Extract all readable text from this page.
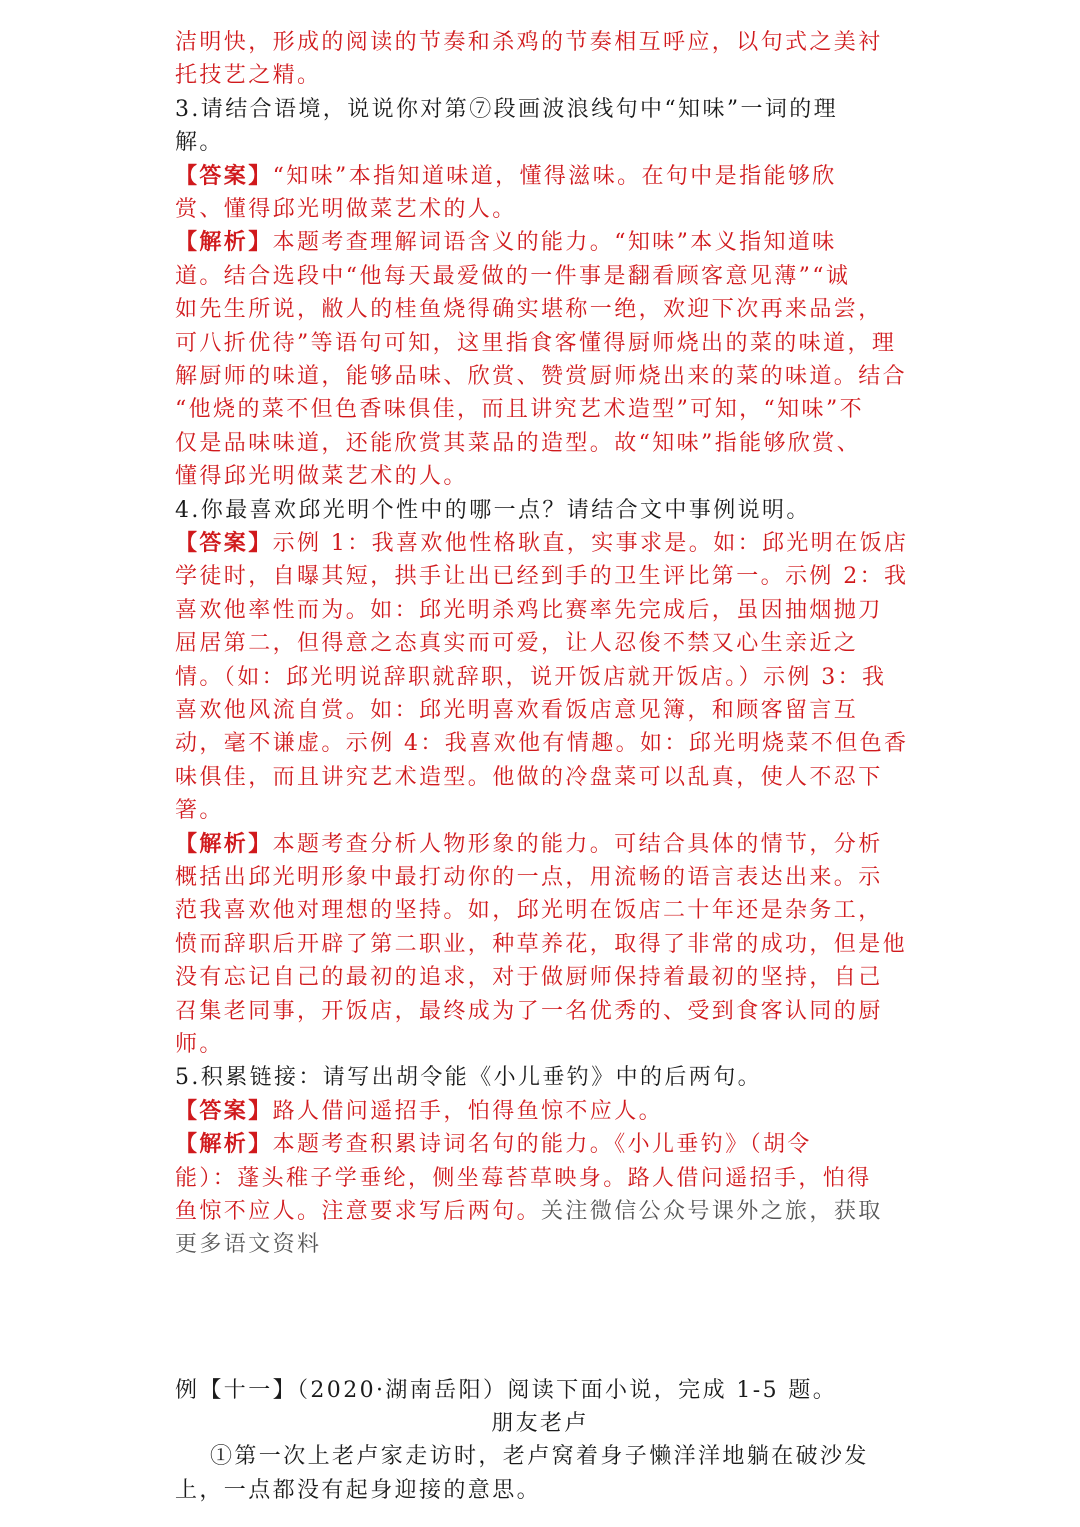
洁明快，形成的阅读的节奏和杀鸡的节奏相互呼应，以句式之美衬
托技艺之精。
3.请结合语境，说说你对第⑦段画波浪线句中“知味”一词的理
解。
【答案】“知味”本指知道味道，懂得滋味。在句中是指能够欣
赏、懂得邱光明做菜艺术的人。
【解析】本题考查理解词语含义的能力。“知味”本义指知道味
道。结合选段中“他每天最爱做的一件事是翻看顾客意见薄”“诚
如先生所说，敝人的桂鱼烧得确实堪称一绝，欢迎下次再来品尝，
可八折优待”等语句可知，这里指食客懂得厨师烧出的菜的味道，理
解厨师的味道，能够品味、欣赏、赞赏厨师烧出来的菜的味道。结合
“他烧的菜不但色香味俱佳，而且讲究艺术造型”可知，“知味”不
仅是品味味道，还能欣赏其菜品的造型。故“知味”指能够欣赏、
懂得邱光明做菜艺术的人。
4.你最喜欢邱光明个性中的哪一点？请结合文中事例说明。
【答案】示例 1：我喜欢他性格耿直，实事求是。如：邱光明在饭店
学徒时，自曝其短，拱手让出已经到手的卫生评比第一。示例 2：我
喜欢他率性而为。如：邱光明杀鸡比赛率先完成后，虽因抽烟抛刀
屈居第二，但得意之态真实而可爱，让人忍俊不禁又心生亲近之
情。（如：邱光明说辞职就辞职，说开饭店就开饭店。）示例 3：我
喜欢他风流自赏。如：邱光明喜欢看饭店意见簿，和顾客留言互
动，毫不谦虚。示例 4：我喜欢他有情趣。如：邱光明烧菜不但色香
味俱佳，而且讲究艺术造型。他做的冷盘菜可以乱真，使人不忍下
箸。
【解析】本题考查分析人物形象的能力。可结合具体的情节，分析
概括出邱光明形象中最打动你的一点，用流畅的语言表达出来。示
范我喜欢他对理想的坚持。如，邱光明在饭店二十年还是杂务工，
愤而辞职后开辟了第二职业，种草养花，取得了非常的成功，但是他
没有忘记自己的最初的追求，对于做厨师保持着最初的坚持，自己
召集老同事，开饭店，最终成为了一名优秀的、受到食客认同的厨
师。
5.积累链接：请写出胡令能《小儿垂钓》中的后两句。
【答案】路人借问遥招手，怕得鱼惊不应人。
【解析】本题考查积累诗词名句的能力。《小儿垂钓》（胡令
能）：蓬头稚子学垂纶，侧坐莓苔草映身。路人借问遥招手，怕得
鱼惊不应人。注意要求写后两句。关注微信公众号课外之旅，获取
更多语文资料
例【十一】（2020·湖南岳阳）阅读下面小说，完成 1-5 题。
朋友老卢
①第一次上老卢家走访时，老卢窝着身子懒洋洋地躺在破沙发
上，一点都没有起身迎接的意思。
